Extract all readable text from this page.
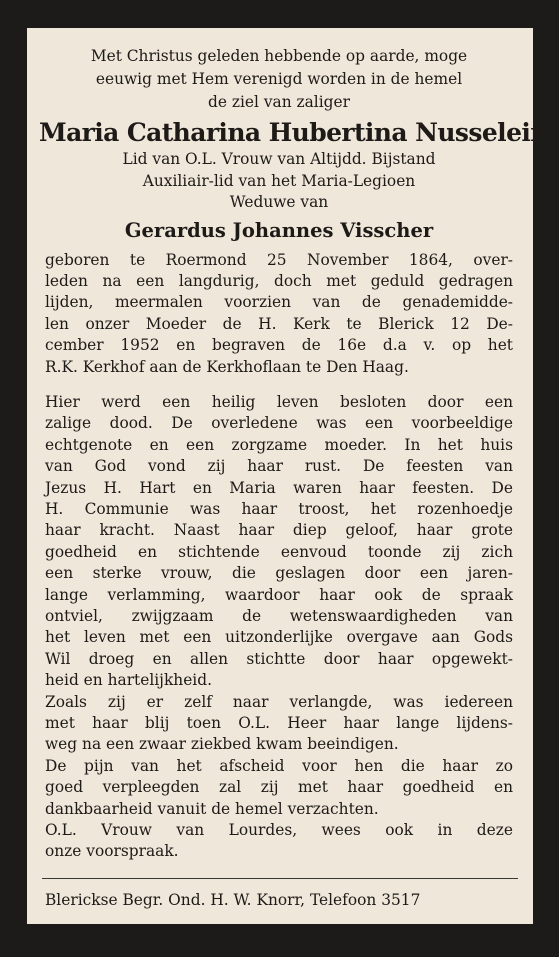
Met Christus geleden hebbende op aarde, moge
eeuwig met Hem verenigd worden in de hemel
de ziel van zaliger
Maria Catharina Hubertina Nusselein
Lid van O.L. Vrouw van Altijdd. Bijstand
Auxiliair-lid van het Maria-Legioen
Weduwe van
Gerardus Johannes Visscher
geboren te Roermond 25 November 1864, over-
leden na een langdurig, doch met geduld gedragen
lijden, meermalen voorzien van de genademidde-
len onzer Moeder de H. Kerk te Blerick 12 De-
cember 1952 en begraven de 16e d.a v. op het
R.K. Kerkhof aan de Kerkhoflaan te Den Haag.
Hier werd een heilig leven besloten door een
zalige dood. De overledene was een voorbeeldige
echtgenote en een zorgzame moeder. In het huis
van God vond zij haar rust. De feesten van
Jezus H. Hart en Maria waren haar feesten. De
H. Communie was haar troost, het rozenhoedje
haar kracht. Naast haar diep geloof, haar grote
goedheid en stichtende eenvoud toonde zij zich
een sterke vrouw, die geslagen door een jaren-
lange verlamming, waardoor haar ook de spraak
ontviel, zwijgzaam de wetenswaardigheden van
het leven met een uitzonderlijke overgave aan Gods
Wil droeg en allen stichtte door haar opgewekt-
heid en hartelijkheid.
Zoals zij er zelf naar verlangde, was iedereen
met haar blij toen O.L. Heer haar lange lijdens-
weg na een zwaar ziekbed kwam beeindigen.
De pijn van het afscheid voor hen die haar zo
goed verpleegden zal zij met haar goedheid en
dankbaarheid vanuit de hemel verzachten.
O.L. Vrouw van Lourdes, wees ook in deze
onze voorspraak.
Blerickse Begr. Ond. H. W. Knorr, Telefoon 3517
